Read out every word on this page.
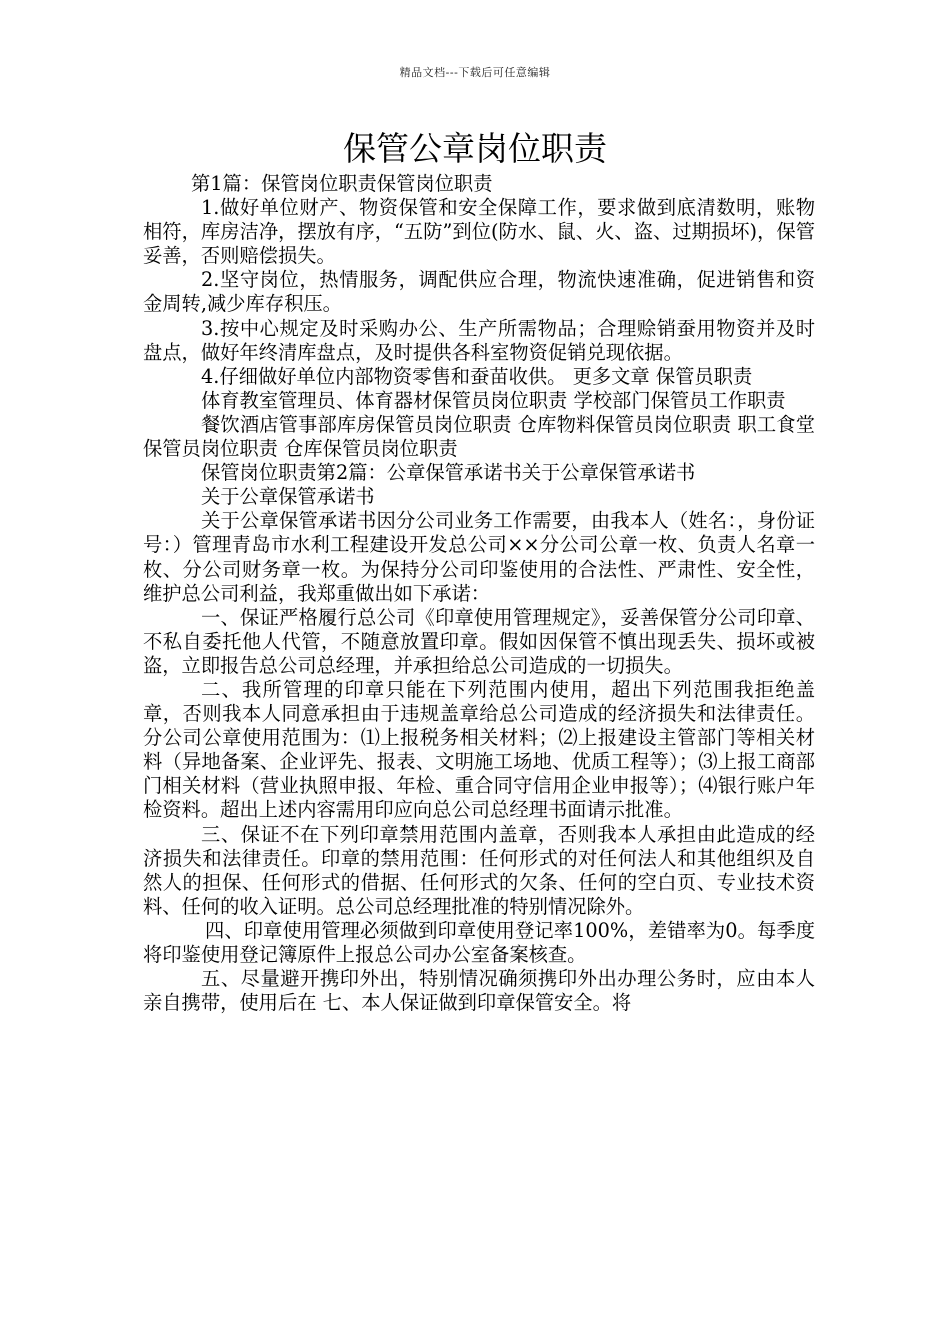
精品文档---下载后可任意编辑
保管公章岗位职责

第1篇：保管岗位职责保管岗位职责

1.做好单位财产、物资保管和安全保障工作，要求做到底清数明，账物相符，库房洁净，摆放有序，“五防”到位(防水、鼠、火、盗、过期损坏)，保管妥善，否则赔偿损失。

2.坚守岗位，热情服务，调配供应合理，物流快速准确，促进销售和资金周转,减少库存积压。

3.按中心规定及时采购办公、生产所需物品；合理赊销蚕用物资并及时盘点，做好年终清库盘点，及时提供各科室物资促销兑现依据。

4.仔细做好单位内部物资零售和蚕苗收供。 更多文章 保管员职责

体育教室管理员、体育器材保管员岗位职责 学校部门保管员工作职责

餐饮酒店管事部库房保管员岗位职责 仓库物料保管员岗位职责 职工食堂保管员岗位职责 仓库保管员岗位职责

保管岗位职责第2篇：公章保管承诺书关于公章保管承诺书

关于公章保管承诺书

关于公章保管承诺书因分公司业务工作需要，由我本人（姓名：，身份证号：）管理青岛市水利工程建设开发总公司××分公司公章一枚、负责人名章一枚、分公司财务章一枚。为保持分公司印鉴使用的合法性、严肃性、安全性，维护总公司利益，我郑重做出如下承诺：

一、保证严格履行总公司《印章使用管理规定》，妥善保管分公司印章、不私自委托他人代管，不随意放置印章。假如因保管不慎出现丢失、损坏或被盗，立即报告总公司总经理，并承担给总公司造成的一切损失。

二、我所管理的印章只能在下列范围内使用，超出下列范围我拒绝盖章，否则我本人同意承担由于违规盖章给总公司造成的经济损失和法律责任。分公司公章使用范围为：⑴上报税务相关材料；⑵上报建设主管部门等相关材料（异地备案、企业评先、报表、文明施工场地、优质工程等）；⑶上报工商部门相关材料（营业执照申报、年检、重合同守信用企业申报等）；⑷银行账户年检资料。超出上述内容需用印应向总公司总经理书面请示批准。

三、保证不在下列印章禁用范围内盖章，否则我本人承担由此造成的经济损失和法律责任。印章的禁用范围：任何形式的对任何法人和其他组织及自然人的担保、任何形式的借据、任何形式的欠条、任何的空白页、专业技术资料、任何的收入证明。总公司总经理批准的特别情况除外。

四、印章使用管理必须做到印章使用登记率100%，差错率为0。每季度将印鉴使用登记簿原件上报总公司办公室备案核查。

五、尽量避开携印外出，特别情况确须携印外出办理公务时，应由本人亲自携带，使用后在 七、本人保证做到印章保管安全。将
